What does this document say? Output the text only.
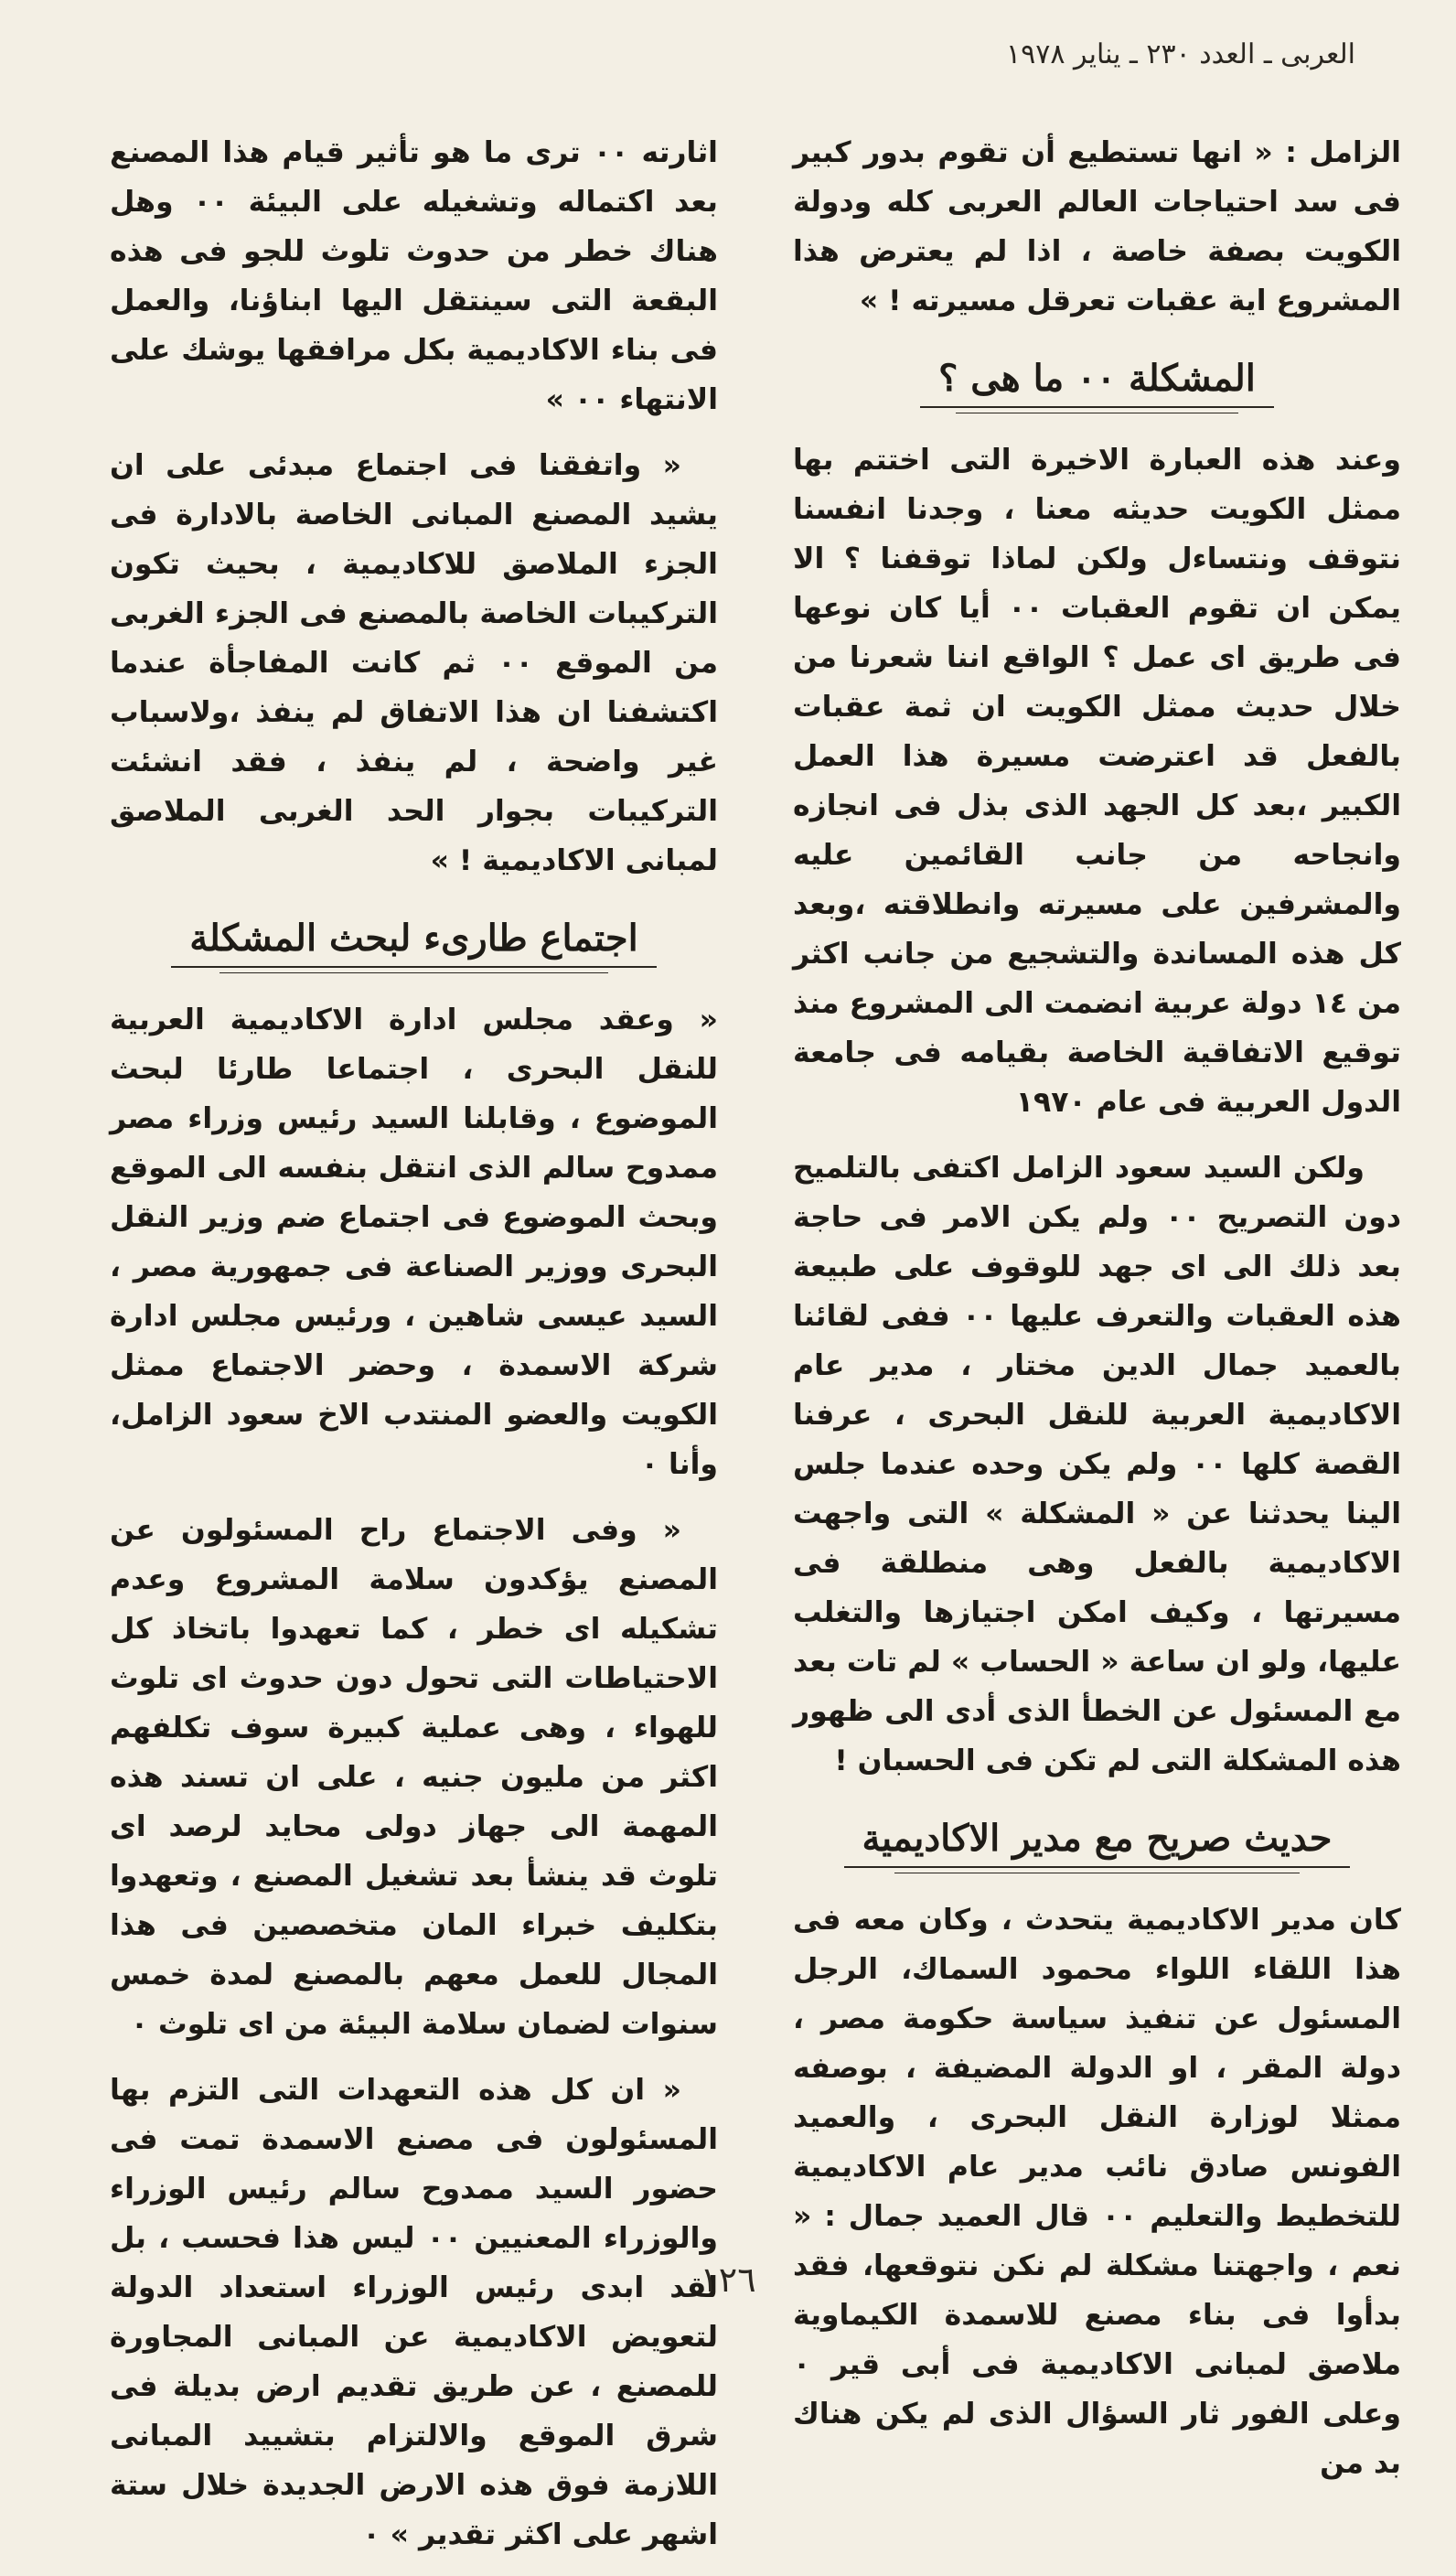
العربى ـ العدد ٢٣٠ ـ يناير ١٩٧٨

الزامل : « انها تستطيع أن تقوم بدور كبير فى سد احتياجات العالم العربى كله ودولة الكويت بصفة خاصة ، اذا لم يعترض هذا المشروع اية عقبات تعرقل مسيرته ! »

المشكلة ٠٠ ما هى ؟

وعند هذه العبارة الاخيرة التى اختتم بها ممثل الكويت حديثه معنا ، وجدنا انفسنا نتوقف ونتساءل ولكن لماذا توقفنا ؟ الا يمكن ان تقوم العقبات ٠٠ أيا كان نوعها فى طريق اى عمل ؟ الواقع اننا شعرنا من خلال حديث ممثل الكويت ان ثمة عقبات بالفعل قد اعترضت مسيرة هذا العمل الكبير ،بعد كل الجهد الذى بذل فى انجازه وانجاحه من جانب القائمين عليه والمشرفين على مسيرته وانطلاقته ،وبعد كل هذه المساندة والتشجيع من جانب اكثر من ١٤ دولة عربية انضمت الى المشروع منذ توقيع الاتفاقية الخاصة بقيامه فى جامعة الدول العربية فى عام ١٩٧٠

ولكن السيد سعود الزامل اكتفى بالتلميح دون التصريح ٠٠ ولم يكن الامر فى حاجة بعد ذلك الى اى جهد للوقوف على طبيعة هذه العقبات والتعرف عليها ٠٠ ففى لقائنا بالعميد جمال الدين مختار ، مدير عام الاكاديمية العربية للنقل البحرى ، عرفنا القصة كلها ٠٠ ولم يكن وحده عندما جلس الينا يحدثنا عن « المشكلة » التى واجهت الاكاديمية بالفعل وهى منطلقة فى مسيرتها ، وكيف امكن اجتيازها والتغلب عليها، ولو ان ساعة « الحساب » لم تات بعد مع المسئول عن الخطأ الذى أدى الى ظهور هذه المشكلة التى لم تكن فى الحسبان !

حديث صريح مع مدير الاكاديمية

كان مدير الاكاديمية يتحدث ، وكان معه فى هذا اللقاء اللواء محمود السماك، الرجل المسئول عن تنفيذ سياسة حكومة مصر ، دولة المقر ، او الدولة المضيفة ، بوصفه ممثلا لوزارة النقل البحرى ، والعميد الفونس صادق نائب مدير عام الاكاديمية للتخطيط والتعليم ٠٠ قال العميد جمال : « نعم ، واجهتنا مشكلة لم نكن نتوقعها، فقد بدأوا فى بناء مصنع للاسمدة الكيماوية ملاصق لمبانى الاكاديمية فى أبى قير ٠ وعلى الفور ثار السؤال الذى لم يكن هناك بد من

اثارته ٠٠ ترى ما هو تأثير قيام هذا المصنع بعد اكتماله وتشغيله على البيئة ٠٠ وهل هناك خطر من حدوث تلوث للجو فى هذه البقعة التى سينتقل اليها ابناؤنا، والعمل فى بناء الاكاديمية بكل مرافقها يوشك على الانتهاء ٠٠ »

« واتفقنا فى اجتماع مبدئى على ان يشيد المصنع المبانى الخاصة بالادارة فى الجزء الملاصق للاكاديمية ، بحيث تكون التركيبات الخاصة بالمصنع فى الجزء الغربى من الموقع ٠٠ ثم كانت المفاجأة عندما اكتشفنا ان هذا الاتفاق لم ينفذ ،ولاسباب غير واضحة ، لم ينفذ ، فقد انشئت التركيبات بجوار الحد الغربى الملاصق لمبانى الاكاديمية ! »

اجتماع طارىء لبحث المشكلة

« وعقد مجلس ادارة الاكاديمية العربية للنقل البحرى ، اجتماعا طارئا لبحث الموضوع ، وقابلنا السيد رئيس وزراء مصر ممدوح سالم الذى انتقل بنفسه الى الموقع وبحث الموضوع فى اجتماع ضم وزير النقل البحرى ووزير الصناعة فى جمهورية مصر ، السيد عيسى شاهين ، ورئيس مجلس ادارة شركة الاسمدة ، وحضر الاجتماع ممثل الكويت والعضو المنتدب الاخ سعود الزامل، وأنا ٠

« وفى الاجتماع راح المسئولون عن المصنع يؤكدون سلامة المشروع وعدم تشكيله اى خطر ، كما تعهدوا باتخاذ كل الاحتياطات التى تحول دون حدوث اى تلوث للهواء ، وهى عملية كبيرة سوف تكلفهم اكثر من مليون جنيه ، على ان تسند هذه المهمة الى جهاز دولى محايد لرصد اى تلوث قد ينشأ بعد تشغيل المصنع ، وتعهدوا بتكليف خبراء المان متخصصين فى هذا المجال للعمل معهم بالمصنع لمدة خمس سنوات لضمان سلامة البيئة من اى تلوث ٠

« ان كل هذه التعهدات التى التزم بها المسئولون فى مصنع الاسمدة تمت فى حضور السيد ممدوح سالم رئيس الوزراء والوزراء المعنيين ٠٠ ليس هذا فحسب ، بل لقد ابدى رئيس الوزراء استعداد الدولة لتعويض الاكاديمية عن المبانى المجاورة للمصنع ، عن طريق تقديم ارض بديلة فى شرق الموقع والالتزام بتشييد المبانى اللازمة فوق هذه الارض الجديدة خلال ستة اشهر على اكثر تقدير » ٠

١٢٦
